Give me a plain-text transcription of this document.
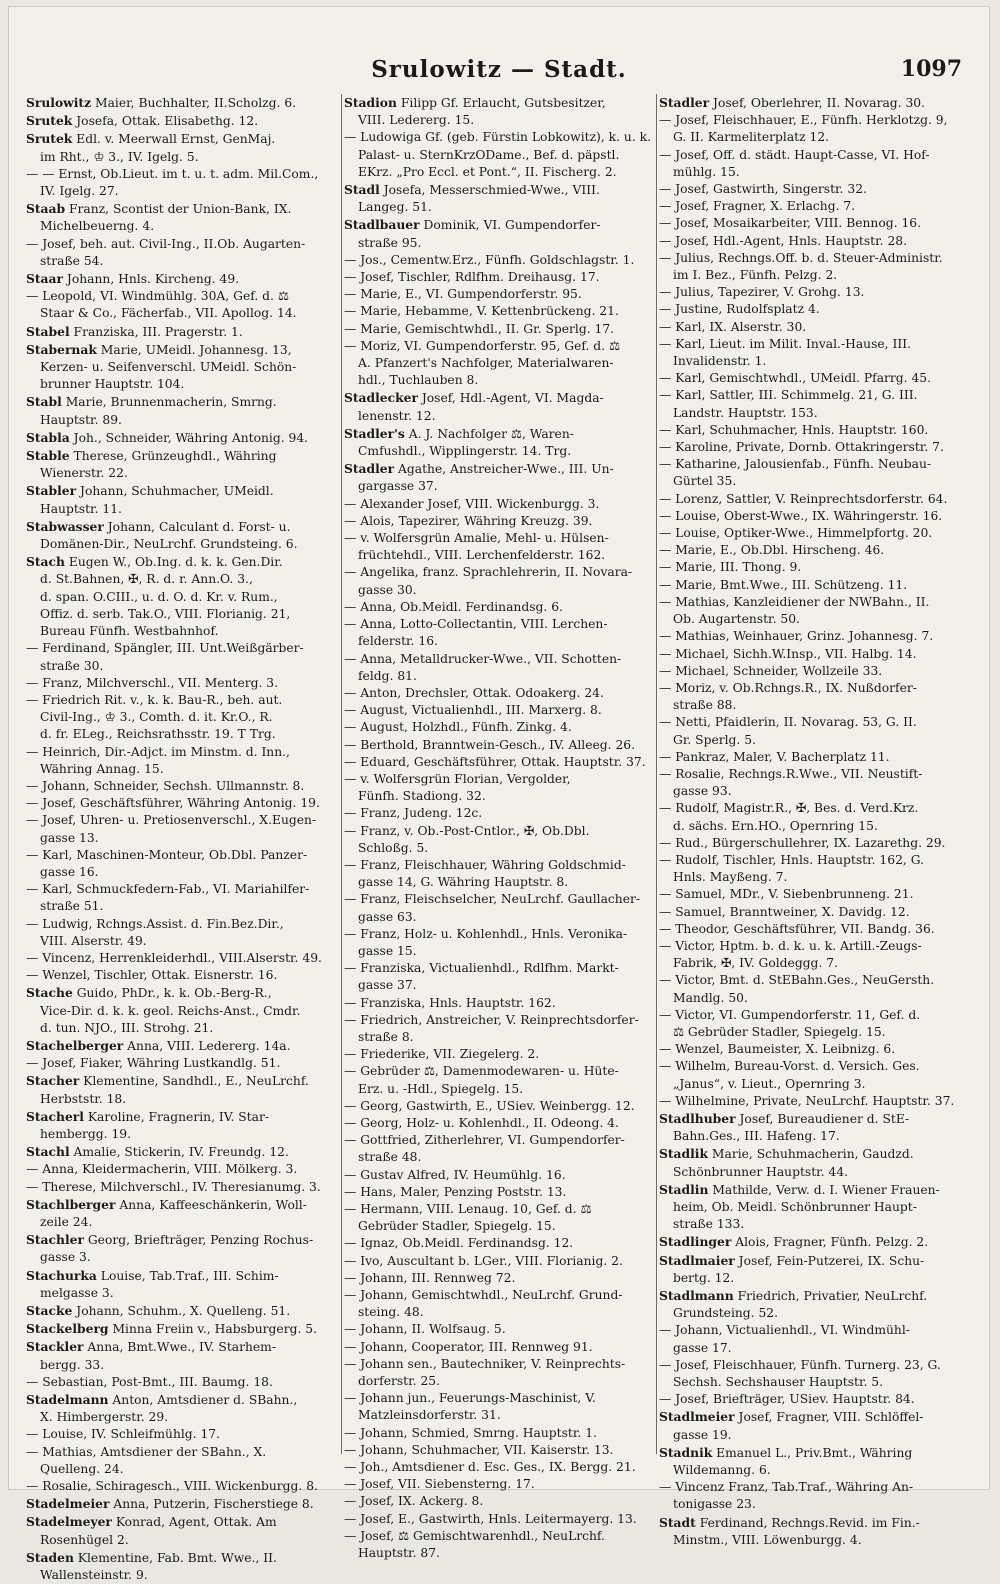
Srulowitz — Stadt.	1097
Srulowitz Maier, Buchhalter, II.Scholzg. 6.
Srutek Josefa, Ottak. Elisabethg. 12.
Srutek Edl. v. Meerwall Ernst, GenMaj.
im Rht., ♔ 3., IV. Igelg. 5.
— — Ernst, Ob.Lieut. im t. u. t. adm. Mil.Com.,
IV. Igelg. 27.
Staab Franz, Scontist der Union-Bank, IX.
Michelbeuerng. 4.
— Josef, beh. aut. Civil-Ing., II.Ob. Augarten-
straße 54.
Staar Johann, Hnls. Kircheng. 49.
— Leopold, VI. Windmühlg. 30A, Gef. d. ⚖
Staar & Co., Fächerfab., VII. Apollog. 14.
Stabel Franziska, III. Pragerstr. 1.
Stabernak Marie, UMeidl. Johannesg. 13,
Kerzen- u. Seifenverschl. UMeidl. Schön-
brunner Hauptstr. 104.
Stabl Marie, Brunnenmacherin, Smrng.
Hauptstr. 89.
Stabla Joh., Schneider, Währing Antonig. 94.
Stable Therese, Grünzeughdl., Währing
Wienerstr. 22.
Stabler Johann, Schuhmacher, UMeidl.
Hauptstr. 11.
Stabwasser Johann, Calculant d. Forst- u.
Domänen-Dir., NeuLrchf. Grundsteing. 6.
Stach Eugen W., Ob.Ing. d. k. k. Gen.Dir.
d. St.Bahnen, ✠, R. d. r. Ann.O. 3.,
d. span. O.CIII., u. d. O. d. Kr. v. Rum.,
Offiz. d. serb. Tak.O., VIII. Florianig. 21,
Bureau Fünfh. Westbahnhof.
— Ferdinand, Spängler, III. Unt.Weißgärber-
straße 30.
— Franz, Milchverschl., VII. Menterg. 3.
— Friedrich Rit. v., k. k. Bau-R., beh. aut.
Civil-Ing., ♔ 3., Comth. d. it. Kr.O., R.
d. fr. ELeg., Reichsrathsstr. 19. T Trg.
— Heinrich, Dir.-Adjct. im Minstm. d. Inn.,
Währing Annag. 15.
— Johann, Schneider, Sechsh. Ullmannstr. 8.
— Josef, Geschäftsführer, Währing Antonig. 19.
— Josef, Uhren- u. Pretiosenverschl., X.Eugen-
gasse 13.
— Karl, Maschinen-Monteur, Ob.Dbl. Panzer-
gasse 16.
— Karl, Schmuckfedern-Fab., VI. Mariahilfer-
straße 51.
— Ludwig, Rchngs.Assist. d. Fin.Bez.Dir.,
VIII. Alserstr. 49.
— Vincenz, Herrenkleiderhdl., VIII.Alserstr. 49.
— Wenzel, Tischler, Ottak. Eisnerstr. 16.
Stache Guido, PhDr., k. k. Ob.-Berg-R.,
Vice-Dir. d. k. k. geol. Reichs-Anst., Cmdr.
d. tun. NJO., III. Strohg. 21.
Stachelberger Anna, VIII. Ledererg. 14a.
— Josef, Fiaker, Währing Lustkandlg. 51.
Stacher Klementine, Sandhdl., E., NeuLrchf.
Herbststr. 18.
Stacherl Karoline, Fragnerin, IV. Star-
hembergg. 19.
Stachl Amalie, Stickerin, IV. Freundg. 12.
— Anna, Kleidermacherin, VIII. Mölkerg. 3.
— Therese, Milchverschl., IV. Theresianumg. 3.
Stachlberger Anna, Kaffeeschänkerin, Woll-
zeile 24.
Stachler Georg, Briefträger, Penzing Rochus-
gasse 3.
Stachurka Louise, Tab.Traf., III. Schim-
melgasse 3.
Stacke Johann, Schuhm., X. Quelleng. 51.
Stackelberg Minna Freiin v., Habsburgerg. 5.
Stackler Anna, Bmt.Wwe., IV. Starhem-
bergg. 33.
— Sebastian, Post-Bmt., III. Baumg. 18.
Stadelmann Anton, Amtsdiener d. SBahn.,
X. Himbergerstr. 29.
— Louise, IV. Schleifmühlg. 17.
— Mathias, Amtsdiener der SBahn., X.
Quelleng. 24.
— Rosalie, Schiragesch., VIII. Wickenburgg. 8.
Stadelmeier Anna, Putzerin, Fischerstiege 8.
Stadelmeyer Konrad, Agent, Ottak. Am
Rosenhügel 2.
Staden Klementine, Fab. Bmt. Wwe., II.
Wallensteinstr. 9.
Stadion Filipp Gf. Erlaucht, Gutsbesitzer,
VIII. Ledererg. 15.
— Ludowiga Gf. (geb. Fürstin Lobkowitz), k. u. k.
Palast- u. SternKrzODame., Bef. d. päpstl.
EKrz. „Pro Eccl. et Pont.“, II. Fischerg. 2.
Stadl Josefa, Messerschmied-Wwe., VIII.
Langeg. 51.
Stadlbauer Dominik, VI. Gumpendorfer-
straße 95.
— Jos., Cementw.Erz., Fünfh. Goldschlagstr. 1.
— Josef, Tischler, Rdlfhm. Dreihausg. 17.
— Marie, E., VI. Gumpendorferstr. 95.
— Marie, Hebamme, V. Kettenbrückeng. 21.
— Marie, Gemischtwhdl., II. Gr. Sperlg. 17.
— Moriz, VI. Gumpendorferstr. 95, Gef. d. ⚖
A. Pfanzert's Nachfolger, Materialwaren-
hdl., Tuchlauben 8.
Stadlecker Josef, Hdl.-Agent, VI. Magda-
lenenstr. 12.
Stadler's A. J. Nachfolger ⚖, Waren-
Cmfushdl., Wipplingerstr. 14. Trg.
Stadler Agathe, Anstreicher-Wwe., III. Un-
gargasse 37.
— Alexander Josef, VIII. Wickenburgg. 3.
— Alois, Tapezirer, Währing Kreuzg. 39.
— v. Wolfersgrün Amalie, Mehl- u. Hülsen-
früchtehdl., VIII. Lerchenfelderstr. 162.
— Angelika, franz. Sprachlehrerin, II. Novara-
gasse 30.
— Anna, Ob.Meidl. Ferdinandsg. 6.
— Anna, Lotto-Collectantin, VIII. Lerchen-
felderstr. 16.
— Anna, Metalldrucker-Wwe., VII. Schotten-
feldg. 81.
— Anton, Drechsler, Ottak. Odoakerg. 24.
— August, Victualienhdl., III. Marxerg. 8.
— August, Holzhdl., Fünfh. Zinkg. 4.
— Berthold, Branntwein-Gesch., IV. Alleeg. 26.
— Eduard, Geschäftsführer, Ottak. Hauptstr. 37.
— v. Wolfersgrün Florian, Vergolder,
Fünfh. Stadiong. 32.
— Franz, Judeng. 12c.
— Franz, v. Ob.-Post-Cntlor., ✠, Ob.Dbl.
Schloßg. 5.
— Franz, Fleischhauer, Währing Goldschmid-
gasse 14, G. Währing Hauptstr. 8.
— Franz, Fleischselcher, NeuLrchf. Gaullacher-
gasse 63.
— Franz, Holz- u. Kohlenhdl., Hnls. Veronika-
gasse 15.
— Franziska, Victualienhdl., Rdlfhm. Markt-
gasse 37.
— Franziska, Hnls. Hauptstr. 162.
— Friedrich, Anstreicher, V. Reinprechtsdorfer-
straße 8.
— Friederike, VII. Ziegelerg. 2.
— Gebrüder ⚖, Damenmodewaren- u. Hüte-
Erz. u. -Hdl., Spiegelg. 15.
— Georg, Gastwirth, E., USiev. Weinbergg. 12.
— Georg, Holz- u. Kohlenhdl., II. Odeong. 4.
— Gottfried, Zitherlehrer, VI. Gumpendorfer-
straße 48.
— Gustav Alfred, IV. Heumühlg. 16.
— Hans, Maler, Penzing Poststr. 13.
— Hermann, VIII. Lenaug. 10, Gef. d. ⚖
Gebrüder Stadler, Spiegelg. 15.
— Ignaz, Ob.Meidl. Ferdinandsg. 12.
— Ivo, Auscultant b. LGer., VIII. Florianig. 2.
— Johann, III. Rennweg 72.
— Johann, Gemischtwhdl., NeuLrchf. Grund-
steing. 48.
— Johann, II. Wolfsaug. 5.
— Johann, Cooperator, III. Rennweg 91.
— Johann sen., Bautechniker, V. Reinprechts-
dorferstr. 25.
— Johann jun., Feuerungs-Maschinist, V.
Matzleinsdorferstr. 31.
— Johann, Schmied, Smrng. Hauptstr. 1.
— Johann, Schuhmacher, VII. Kaiserstr. 13.
— Joh., Amtsdiener d. Esc. Ges., IX. Bergg. 21.
— Josef, VII. Siebensterng. 17.
— Josef, IX. Ackerg. 8.
— Josef, E., Gastwirth, Hnls. Leitermayerg. 13.
— Josef, ⚖ Gemischtwarenhdl., NeuLrchf.
Hauptstr. 87.
Stadler Josef, Oberlehrer, II. Novarag. 30.
— Josef, Fleischhauer, E., Fünfh. Herklotzg. 9,
G. II. Karmeliterplatz 12.
— Josef, Off. d. städt. Haupt-Casse, VI. Hof-
mühlg. 15.
— Josef, Gastwirth, Singerstr. 32.
— Josef, Fragner, X. Erlachg. 7.
— Josef, Mosaikarbeiter, VIII. Bennog. 16.
— Josef, Hdl.-Agent, Hnls. Hauptstr. 28.
— Julius, Rechngs.Off. b. d. Steuer-Administr.
im I. Bez., Fünfh. Pelzg. 2.
— Julius, Tapezirer, V. Grohg. 13.
— Justine, Rudolfsplatz 4.
— Karl, IX. Alserstr. 30.
— Karl, Lieut. im Milit. Inval.-Hause, III.
Invalidenstr. 1.
— Karl, Gemischtwhdl., UMeidl. Pfarrg. 45.
— Karl, Sattler, III. Schimmelg. 21, G. III.
Landstr. Hauptstr. 153.
— Karl, Schuhmacher, Hnls. Hauptstr. 160.
— Karoline, Private, Dornb. Ottakringerstr. 7.
— Katharine, Jalousienfab., Fünfh. Neubau-
Gürtel 35.
— Lorenz, Sattler, V. Reinprechtsdorferstr. 64.
— Louise, Oberst-Wwe., IX. Währingerstr. 16.
— Louise, Optiker-Wwe., Himmelpfortg. 20.
— Marie, E., Ob.Dbl. Hirscheng. 46.
— Marie, III. Thong. 9.
— Marie, Bmt.Wwe., III. Schützeng. 11.
— Mathias, Kanzleidiener der NWBahn., II.
Ob. Augartenstr. 50.
— Mathias, Weinhauer, Grinz. Johannesg. 7.
— Michael, Sichh.W.Insp., VII. Halbg. 14.
— Michael, Schneider, Wollzeile 33.
— Moriz, v. Ob.Rchngs.R., IX. Nußdorfer-
straße 88.
— Netti, Pfaidlerin, II. Novarag. 53, G. II.
Gr. Sperlg. 5.
— Pankraz, Maler, V. Bacherplatz 11.
— Rosalie, Rechngs.R.Wwe., VII. Neustift-
gasse 93.
— Rudolf, Magistr.R., ✠, Bes. d. Verd.Krz.
d. sächs. Ern.HO., Opernring 15.
— Rud., Bürgerschullehrer, IX. Lazarethg. 29.
— Rudolf, Tischler, Hnls. Hauptstr. 162, G.
Hnls. Mayßeng. 7.
— Samuel, MDr., V. Siebenbrunneng. 21.
— Samuel, Branntweiner, X. Davidg. 12.
— Theodor, Geschäftsführer, VII. Bandg. 36.
— Victor, Hptm. b. d. k. u. k. Artill.-Zeugs-
Fabrik, ✠, IV. Goldeggg. 7.
— Victor, Bmt. d. StEBahn.Ges., NeuGersth.
Mandlg. 50.
— Victor, VI. Gumpendorferstr. 11, Gef. d.
⚖ Gebrüder Stadler, Spiegelg. 15.
— Wenzel, Baumeister, X. Leibnizg. 6.
— Wilhelm, Bureau-Vorst. d. Versich. Ges.
„Janus“, v. Lieut., Opernring 3.
— Wilhelmine, Private, NeuLrchf. Hauptstr. 37.
Stadlhuber Josef, Bureaudiener d. StE-
Bahn.Ges., III. Hafeng. 17.
Stadlik Marie, Schuhmacherin, Gaudzd.
Schönbrunner Hauptstr. 44.
Stadlin Mathilde, Verw. d. I. Wiener Frauen-
heim, Ob. Meidl. Schönbrunner Haupt-
straße 133.
Stadlinger Alois, Fragner, Fünfh. Pelzg. 2.
Stadlmaier Josef, Fein-Putzerei, IX. Schu-
bertg. 12.
Stadlmann Friedrich, Privatier, NeuLrchf.
Grundsteing. 52.
— Johann, Victualienhdl., VI. Windmühl-
gasse 17.
— Josef, Fleischhauer, Fünfh. Turnerg. 23, G.
Sechsh. Sechshauser Hauptstr. 5.
— Josef, Briefträger, USiev. Hauptstr. 84.
Stadlmeier Josef, Fragner, VIII. Schlöffel-
gasse 19.
Stadnik Emanuel L., Priv.Bmt., Währing
Wildemanng. 6.
— Vincenz Franz, Tab.Traf., Währing An-
tonigasse 23.
Stadt Ferdinand, Rechngs.Revid. im Fin.-
Minstm., VIII. Löwenburgg. 4.
